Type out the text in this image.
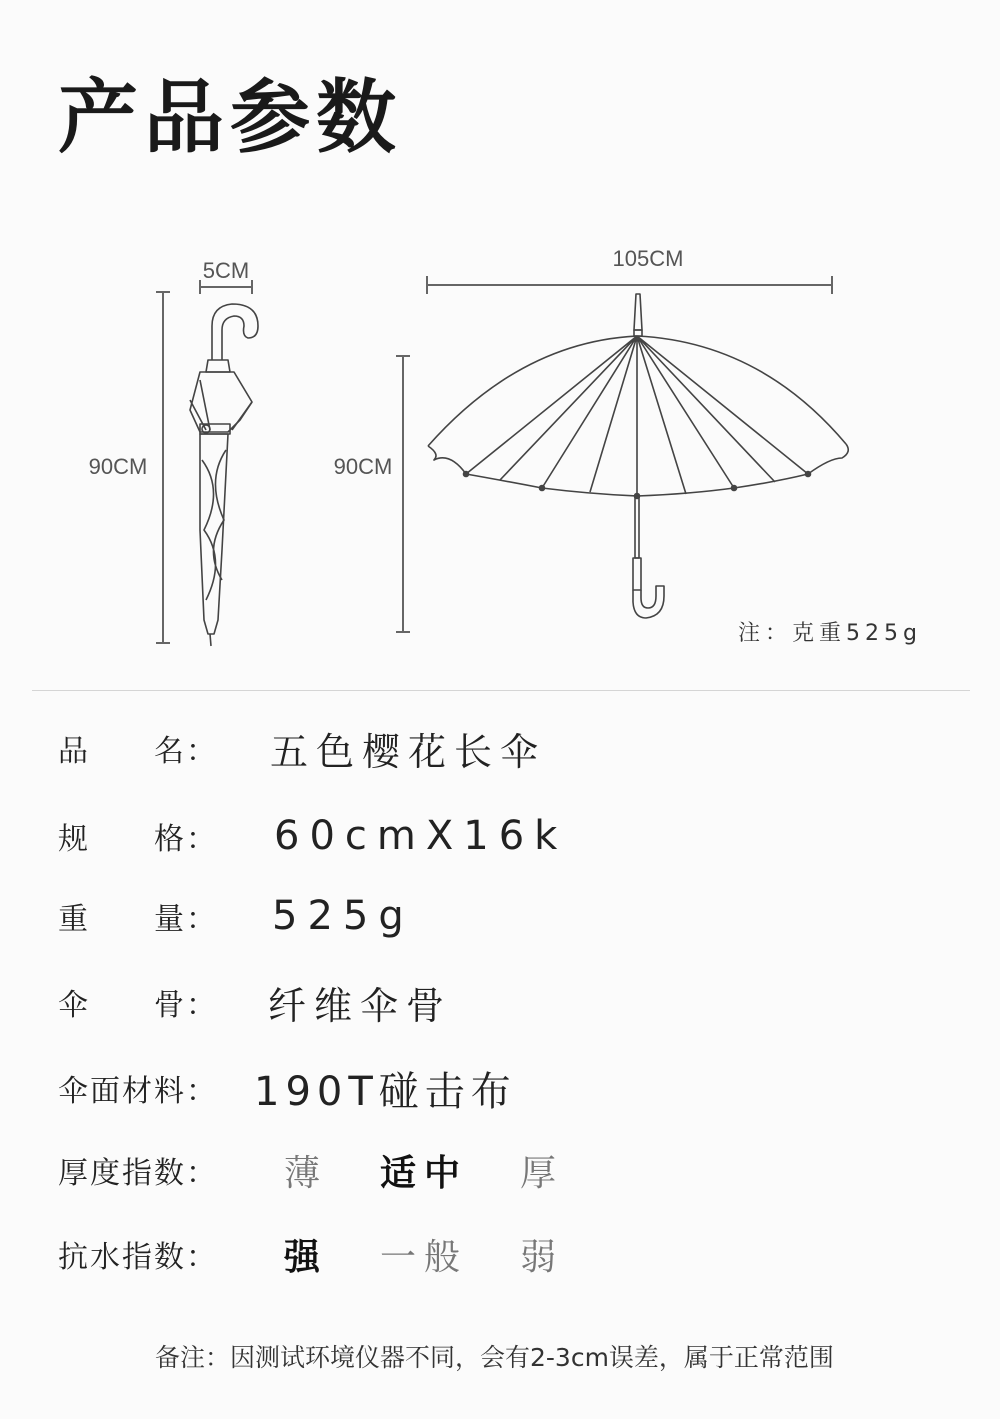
产品参数
5CM
90CM
105CM
90CM
注：克重525g
品　　名：	五色樱花长伞
规　　格：	60cmX16k
重　　量：	525g
伞　　骨：	纤维伞骨
伞面材料： 190T碰击布
厚度指数：	薄 适中 厚
抗水指数：	强 一般 弱
备注：因测试环境仪器不同，会有2-3cm误差，属于正常范围
